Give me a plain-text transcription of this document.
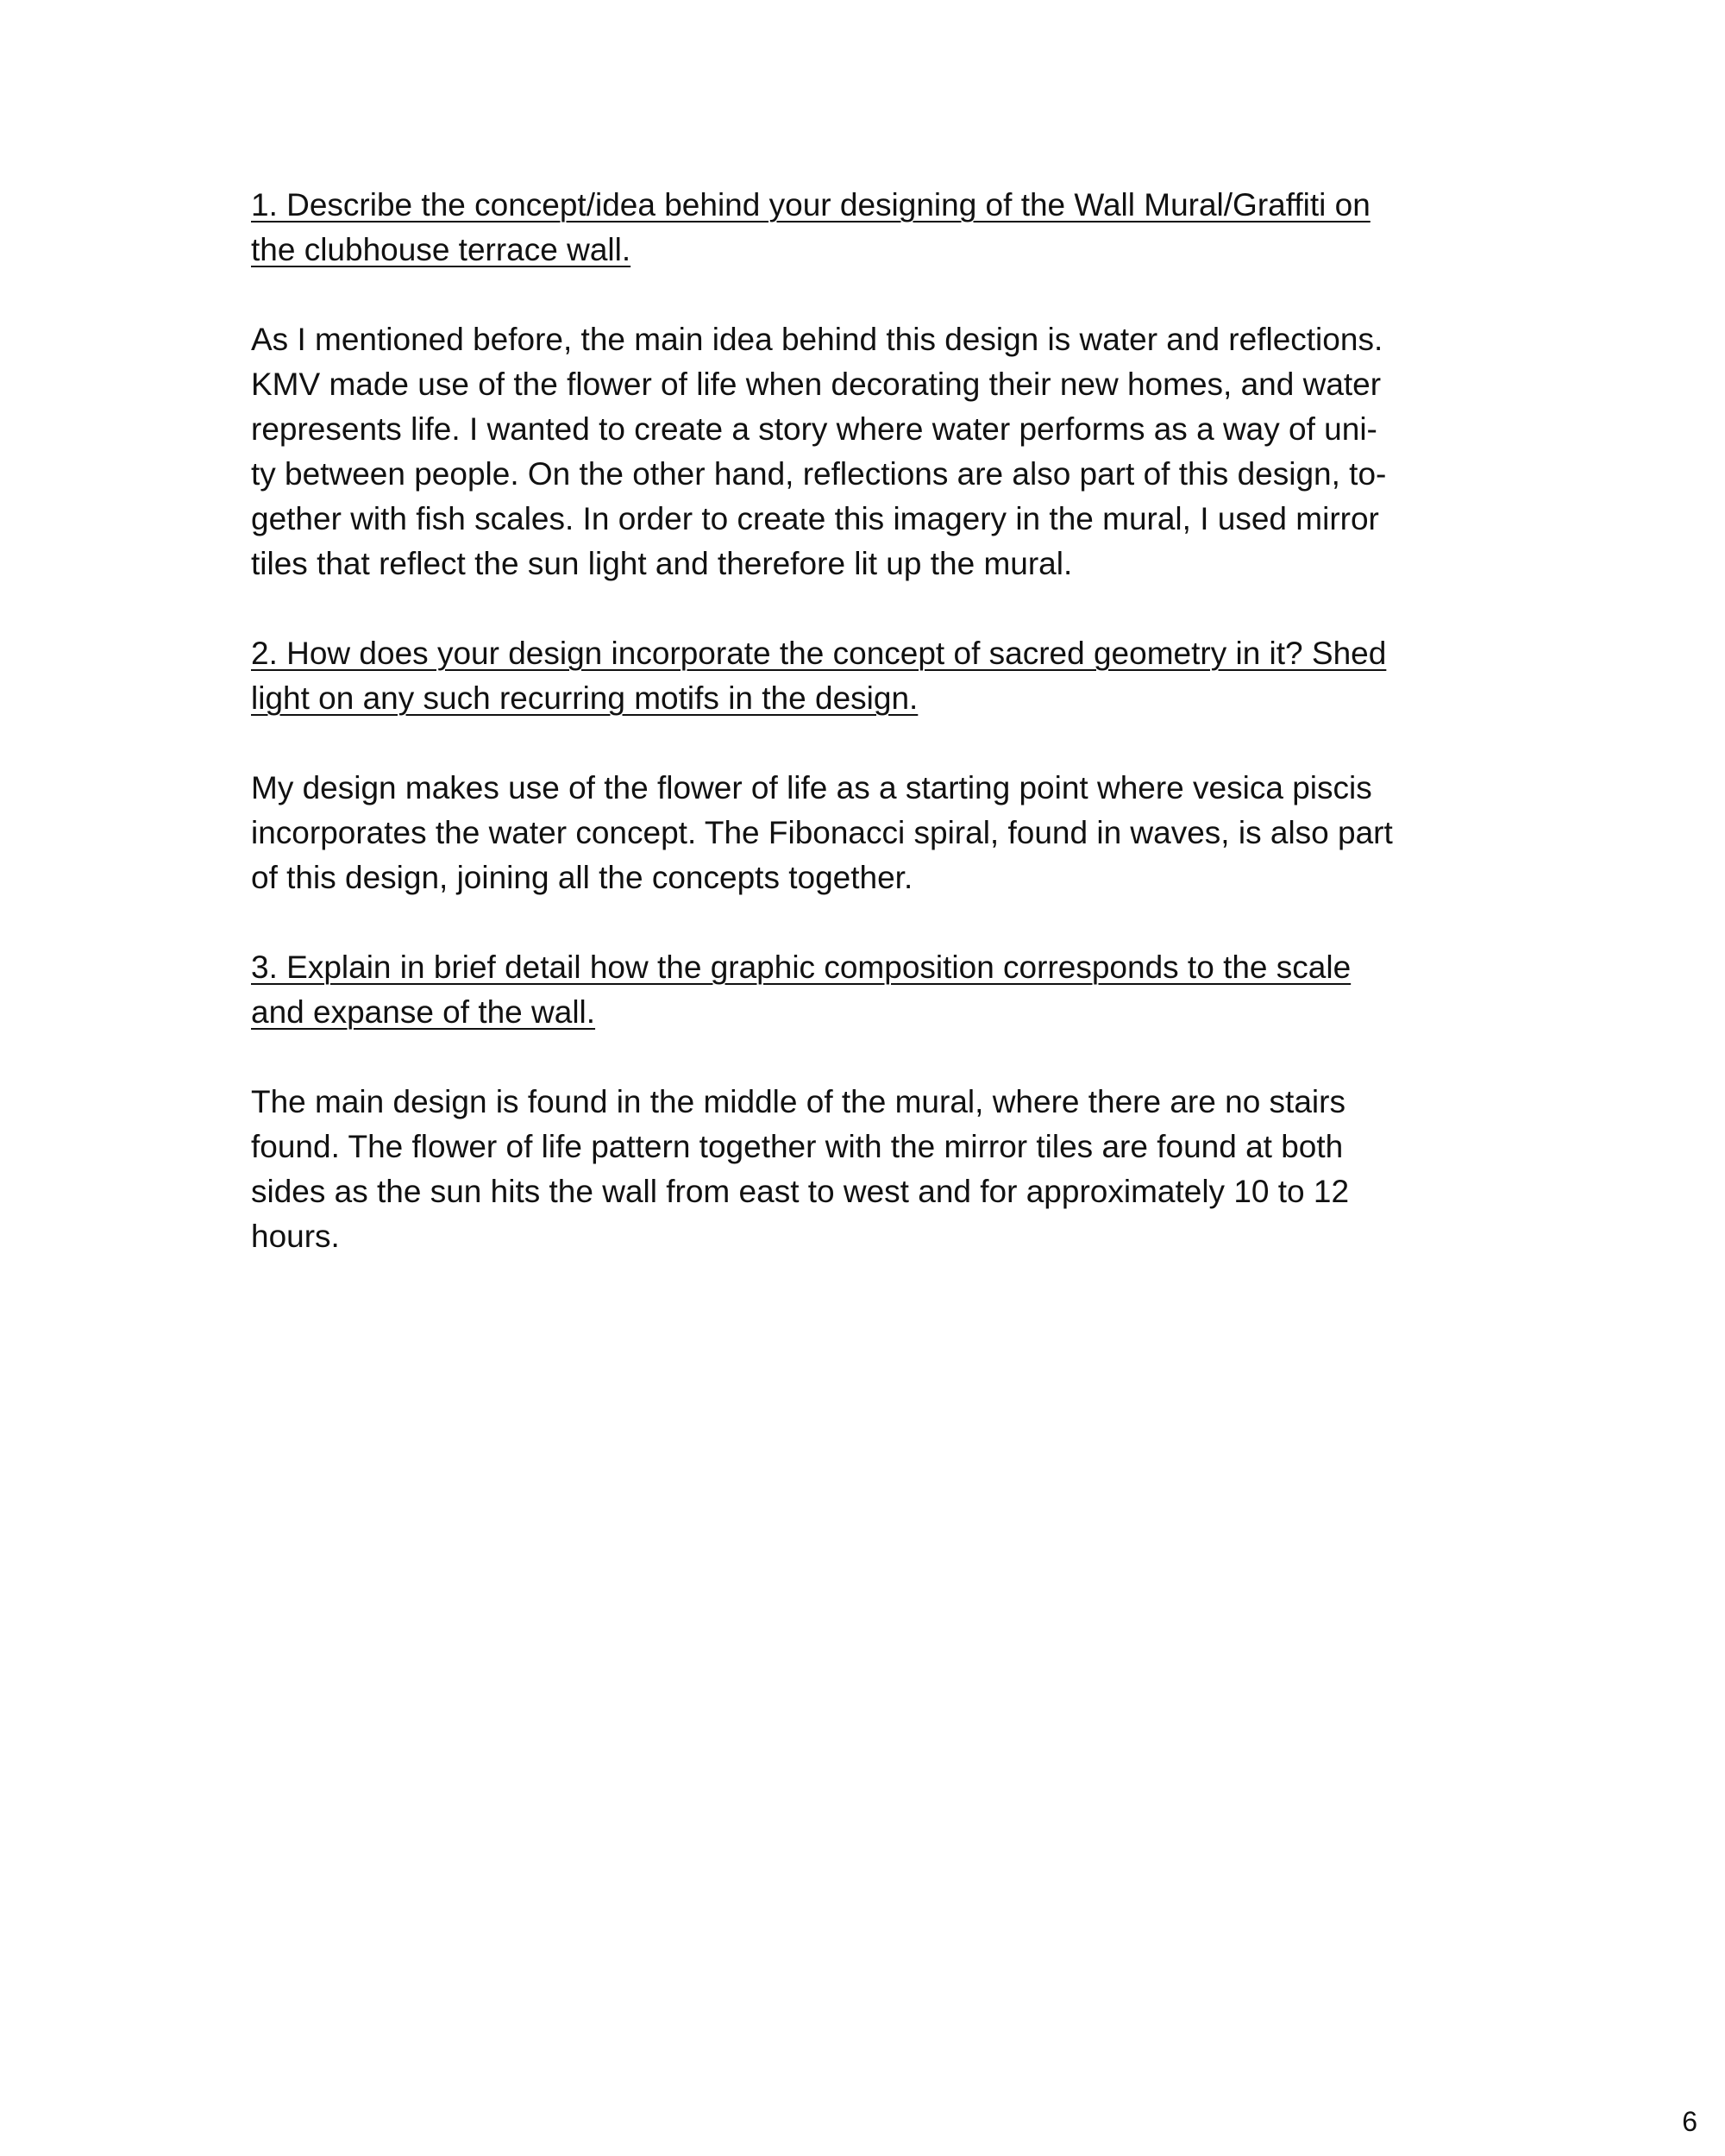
1. Describe the concept/idea behind your designing of the Wall Mural/Graffiti on
the clubhouse terrace wall.

As I mentioned before, the main idea behind this design is water and reflections.
KMV made use of the flower of life when decorating their new homes, and water
represents life. I wanted to create a story where water performs as a way of uni-
ty between people. On the other hand, reflections are also part of this design, to-
gether with fish scales. In order to create this imagery in the mural, I used mirror
tiles that reflect the sun light and therefore lit up the mural.

2. How does your design incorporate the concept of sacred geometry in it? Shed
light on any such recurring motifs in the design.

My design makes use of the flower of life as a starting point where vesica piscis
incorporates the water concept. The Fibonacci spiral, found in waves, is also part
of this design, joining all the concepts together.

3. Explain in brief detail how the graphic composition corresponds to the scale
and expanse of the wall.

The main design is found in the middle of the mural, where there are no stairs
found. The flower of life pattern together with the mirror tiles are found at both
sides as the sun hits the wall from east to west and for approximately 10 to 12
hours.

6
